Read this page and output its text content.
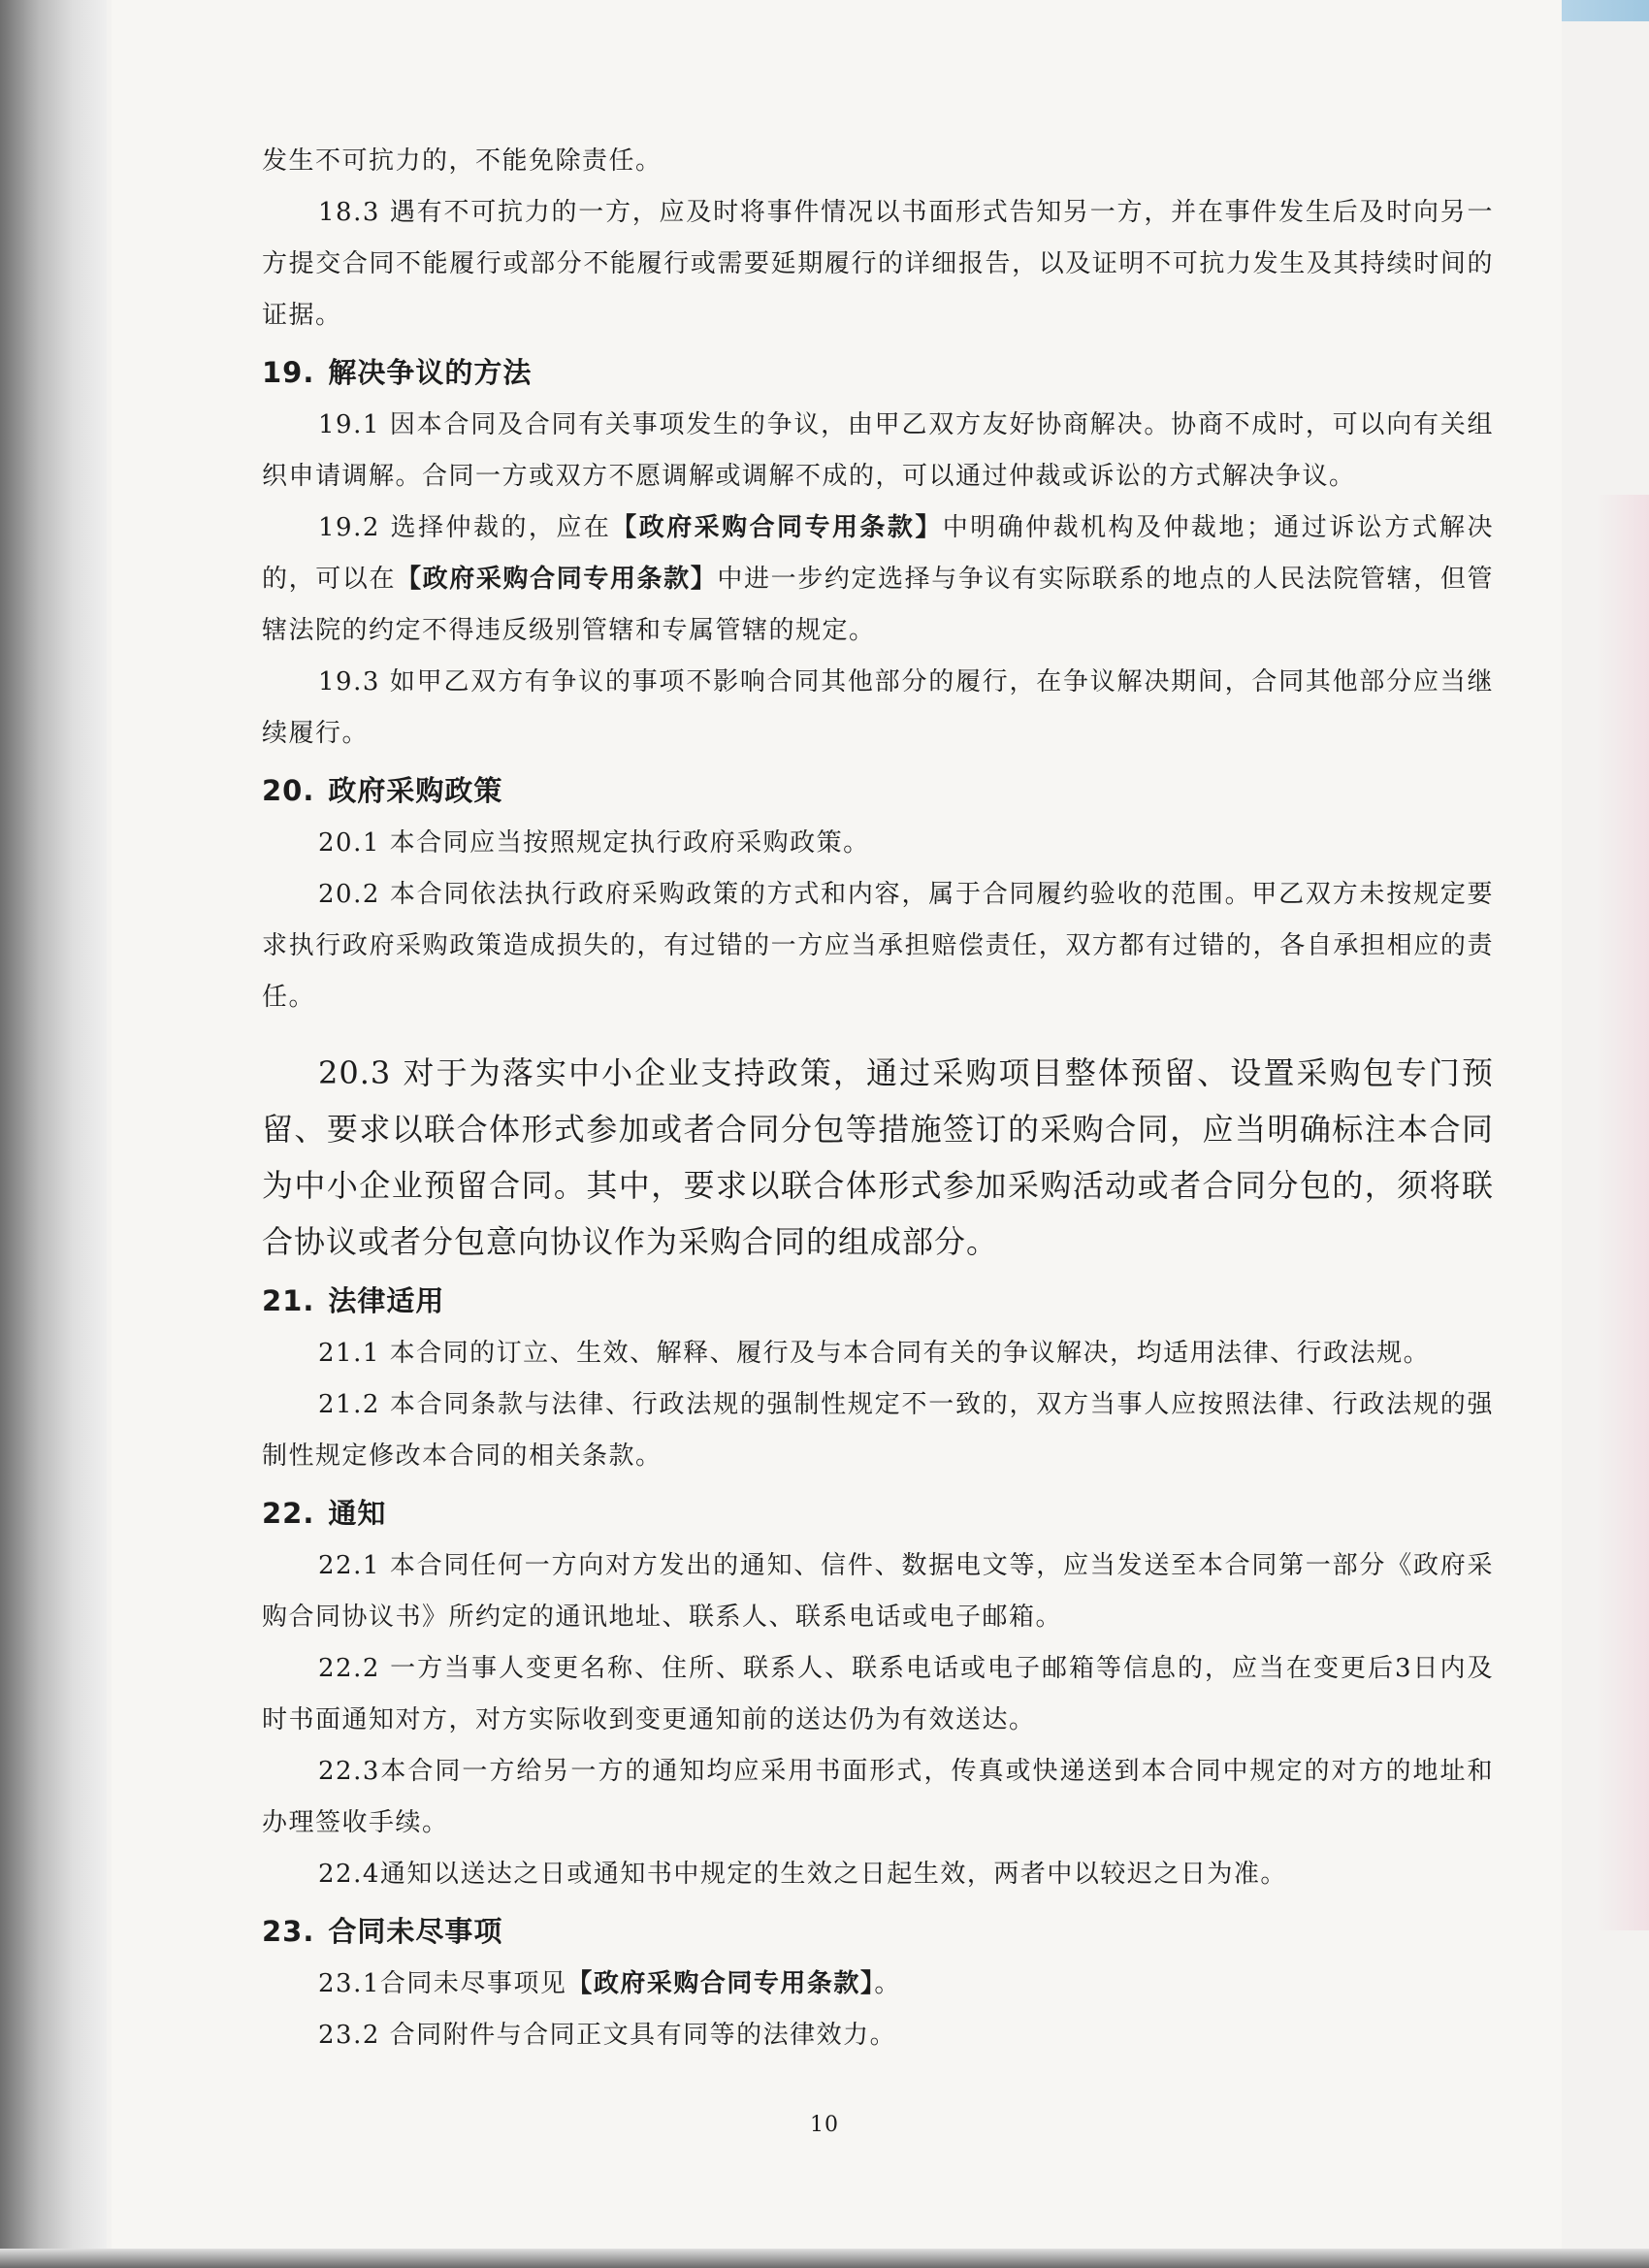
发生不可抗力的，不能免除责任。

18.3 遇有不可抗力的一方，应及时将事件情况以书面形式告知另一方，并在事件发生后及时向另一方提交合同不能履行或部分不能履行或需要延期履行的详细报告，以及证明不可抗力发生及其持续时间的证据。

19. 解决争议的方法

19.1 因本合同及合同有关事项发生的争议，由甲乙双方友好协商解决。协商不成时，可以向有关组织申请调解。合同一方或双方不愿调解或调解不成的，可以通过仲裁或诉讼的方式解决争议。

19.2 选择仲裁的，应在【政府采购合同专用条款】中明确仲裁机构及仲裁地；通过诉讼方式解决的，可以在【政府采购合同专用条款】中进一步约定选择与争议有实际联系的地点的人民法院管辖，但管辖法院的约定不得违反级别管辖和专属管辖的规定。

19.3 如甲乙双方有争议的事项不影响合同其他部分的履行，在争议解决期间，合同其他部分应当继续履行。

20. 政府采购政策

20.1 本合同应当按照规定执行政府采购政策。

20.2 本合同依法执行政府采购政策的方式和内容，属于合同履约验收的范围。甲乙双方未按规定要求执行政府采购政策造成损失的，有过错的一方应当承担赔偿责任，双方都有过错的，各自承担相应的责任。

20.3 对于为落实中小企业支持政策，通过采购项目整体预留、设置采购包专门预留、要求以联合体形式参加或者合同分包等措施签订的采购合同，应当明确标注本合同为中小企业预留合同。其中，要求以联合体形式参加采购活动或者合同分包的，须将联合协议或者分包意向协议作为采购合同的组成部分。

21. 法律适用

21.1 本合同的订立、生效、解释、履行及与本合同有关的争议解决，均适用法律、行政法规。

21.2 本合同条款与法律、行政法规的强制性规定不一致的，双方当事人应按照法律、行政法规的强制性规定修改本合同的相关条款。

22. 通知

22.1 本合同任何一方向对方发出的通知、信件、数据电文等，应当发送至本合同第一部分《政府采购合同协议书》所约定的通讯地址、联系人、联系电话或电子邮箱。

22.2 一方当事人变更名称、住所、联系人、联系电话或电子邮箱等信息的，应当在变更后3日内及时书面通知对方，对方实际收到变更通知前的送达仍为有效送达。

22.3本合同一方给另一方的通知均应采用书面形式，传真或快递送到本合同中规定的对方的地址和办理签收手续。

22.4通知以送达之日或通知书中规定的生效之日起生效，两者中以较迟之日为准。

23. 合同未尽事项

23.1合同未尽事项见【政府采购合同专用条款】。

23.2 合同附件与合同正文具有同等的法律效力。

10
